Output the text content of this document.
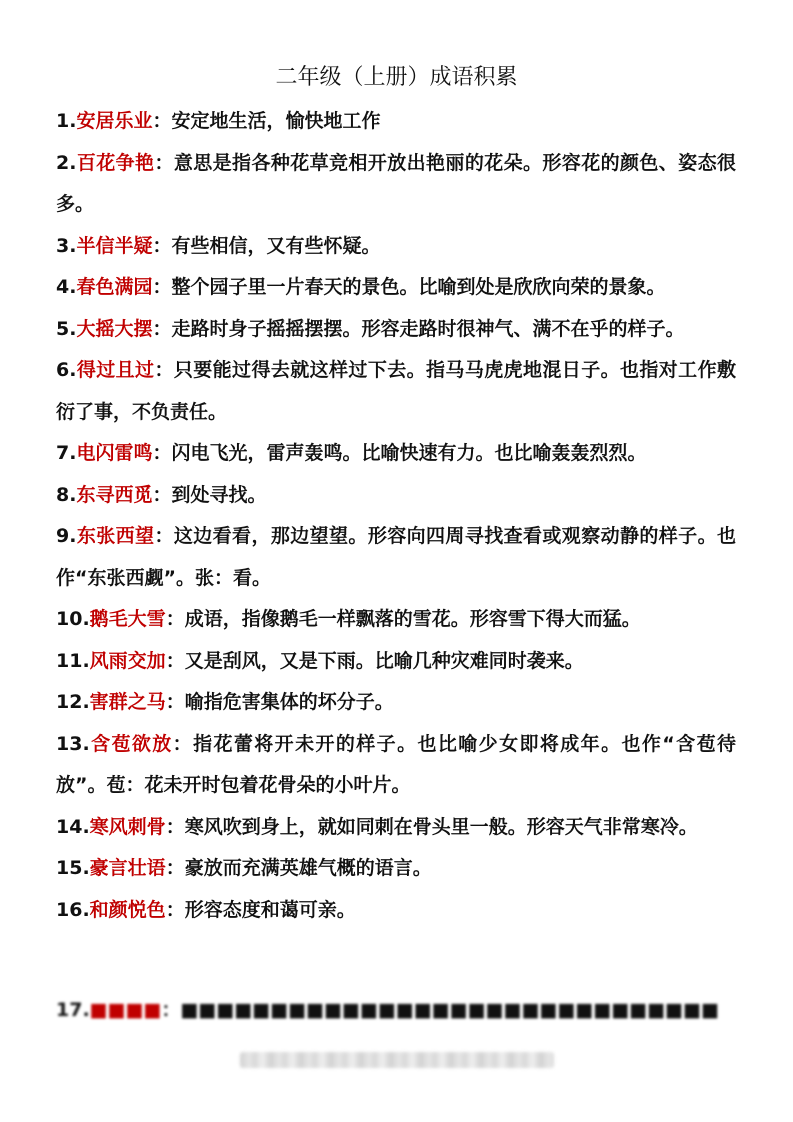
二年级（上册）成语积累
1.安居乐业：安定地生活，愉快地工作
2.百花争艳：意思是指各种花草竞相开放出艳丽的花朵。形容花的颜色、姿态很多。
3.半信半疑：有些相信，又有些怀疑。
4.春色满园：整个园子里一片春天的景色。比喻到处是欣欣向荣的景象。
5.大摇大摆：走路时身子摇摇摆摆。形容走路时很神气、满不在乎的样子。
6.得过且过：只要能过得去就这样过下去。指马马虎虎地混日子。也指对工作敷衍了事，不负责任。
7.电闪雷鸣：闪电飞光，雷声轰鸣。比喻快速有力。也比喻轰轰烈烈。
8.东寻西觅：到处寻找。
9.东张西望：这边看看，那边望望。形容向四周寻找查看或观察动静的样子。也作“东张西觑”。张：看。
10.鹅毛大雪：成语，指像鹅毛一样飘落的雪花。形容雪下得大而猛。
11.风雨交加：又是刮风，又是下雨。比喻几种灾难同时袭来。
12.害群之马：喻指危害集体的坏分子。
13.含苞欲放：指花蕾将开未开的样子。也比喻少女即将成年。也作“含苞待放”。苞：花未开时包着花骨朵的小叶片。
14.寒风刺骨：寒风吹到身上，就如同刺在骨头里一般。形容天气非常寒冷。
15.豪言壮语：豪放而充满英雄气概的语言。
16.和颜悦色：形容态度和蔼可亲。
17.■■■■：■■■■■■■■■■■■■■■■■■■■■■■■■■■■■■
